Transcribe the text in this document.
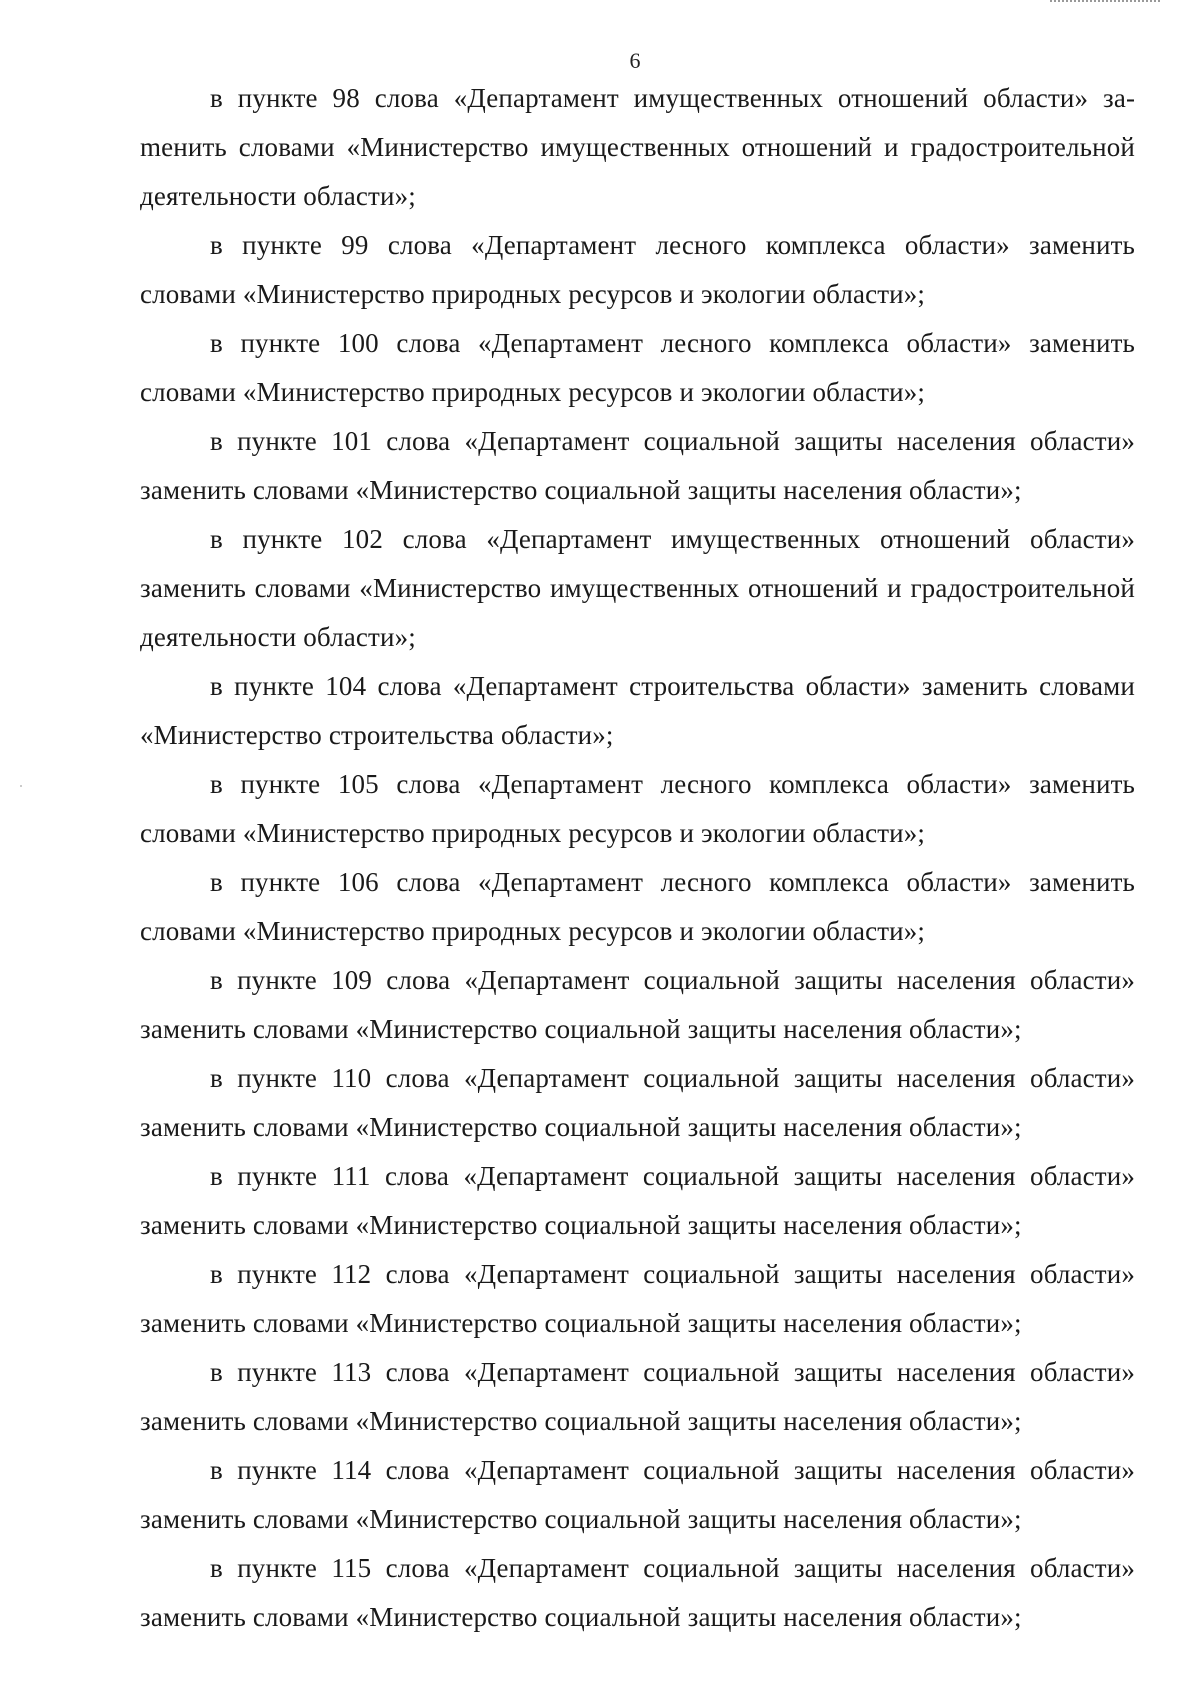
6

в пункте 98 слова «Департамент имущественных отношений области» заmенить словами «Министерство имущественных отношений и градостроительной деятельности области»;

в пункте 99 слова «Департамент лесного комплекса области» заменить словами «Министерство природных ресурсов и экологии области»;

в пункте 100 слова «Департамент лесного комплекса области» заменить словами «Министерство природных ресурсов и экологии области»;

в пункте 101 слова «Департамент социальной защиты населения области» заменить словами «Министерство социальной защиты населения области»;

в пункте 102 слова «Департамент имущественных отношений области» заменить словами «Министерство имущественных отношений и градостроительной деятельности области»;

в пункте 104 слова «Департамент строительства области» заменить словами «Министерство строительства области»;

в пункте 105 слова «Департамент лесного комплекса области» заменить словами «Министерство природных ресурсов и экологии области»;

в пункте 106 слова «Департамент лесного комплекса области» заменить словами «Министерство природных ресурсов и экологии области»;

в пункте 109 слова «Департамент социальной защиты населения области» заменить словами «Министерство социальной защиты населения области»;

в пункте 110 слова «Департамент социальной защиты населения области» заменить словами «Министерство социальной защиты населения области»;

в пункте 111 слова «Департамент социальной защиты населения области» заменить словами «Министерство социальной защиты населения области»;

в пункте 112 слова «Департамент социальной защиты населения области» заменить словами «Министерство социальной защиты населения области»;

в пункте 113 слова «Департамент социальной защиты населения области» заменить словами «Министерство социальной защиты населения области»;

в пункте 114 слова «Департамент социальной защиты населения области» заменить словами «Министерство социальной защиты населения области»;

в пункте 115 слова «Департамент социальной защиты населения области» заменить словами «Министерство социальной защиты населения области»;
